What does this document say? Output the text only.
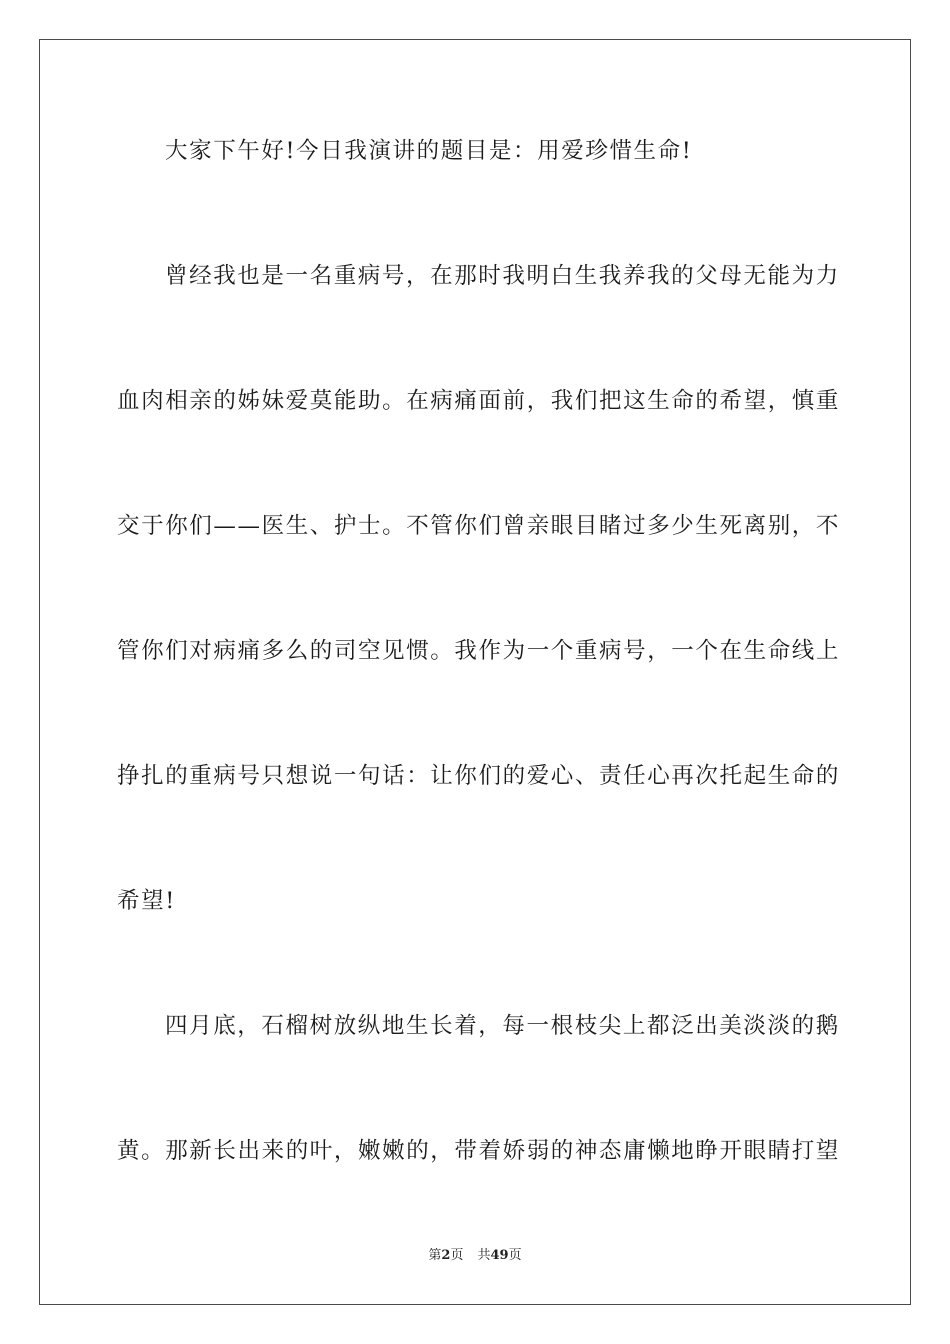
大家下午好!今日我演讲的题目是：用爱珍惜生命!
曾经我也是一名重病号，在那时我明白生我养我的父母无能为力
血肉相亲的姊妹爱莫能助。在病痛面前，我们把这生命的希望，慎重
交于你们——医生、护士。不管你们曾亲眼目睹过多少生死离别，不
管你们对病痛多么的司空见惯。我作为一个重病号，一个在生命线上
挣扎的重病号只想说一句话：让你们的爱心、责任心再次托起生命的
希望!
四月底，石榴树放纵地生长着，每一根枝尖上都泛出美淡淡的鹅
黄。那新长出来的叶，嫩嫩的，带着娇弱的神态庸懒地睁开眼睛打望
第2页 共49页
